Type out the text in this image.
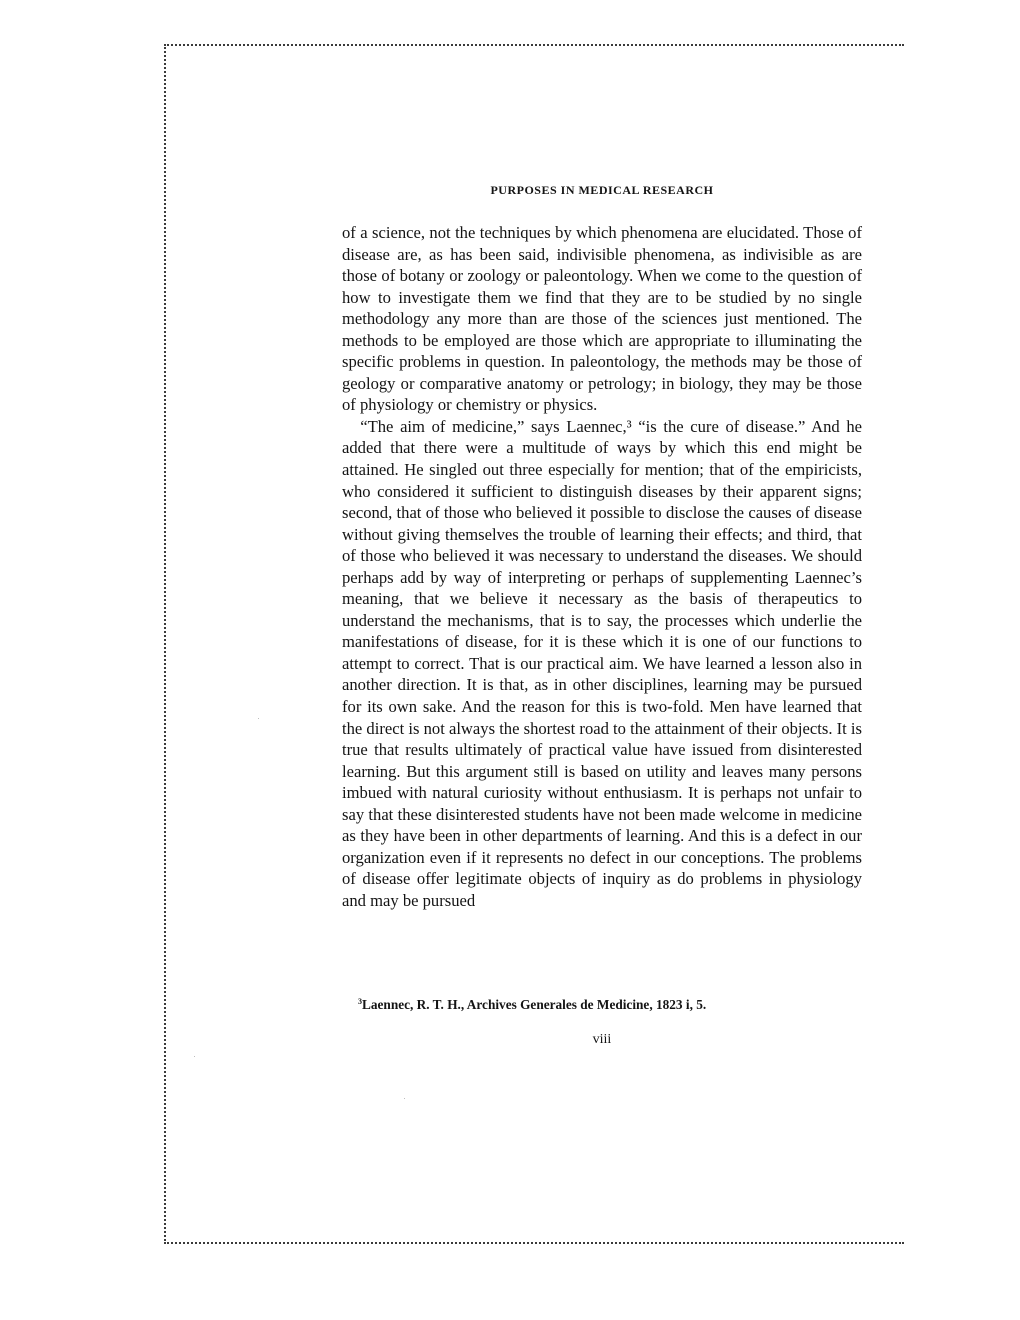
PURPOSES IN MEDICAL RESEARCH

of a science, not the techniques by which phenomena are elucidated. Those of disease are, as has been said, indivisible phenomena, as indivisible as are those of botany or zoology or paleontology. When we come to the question of how to investigate them we find that they are to be studied by no single methodology any more than are those of the sciences just mentioned. The methods to be employed are those which are appropriate to illuminating the specific problems in question. In paleontology, the methods may be those of geology or comparative anatomy or petrology; in biology, they may be those of physiology or chemistry or physics.

“The aim of medicine,” says Laennec,³ “is the cure of disease.” And he added that there were a multitude of ways by which this end might be attained. He singled out three especially for mention; that of the empiricists, who considered it sufficient to distinguish diseases by their apparent signs; second, that of those who believed it possible to disclose the causes of disease without giving themselves the trouble of learning their effects; and third, that of those who believed it was necessary to understand the diseases. We should perhaps add by way of interpreting or perhaps of supplementing Laennec’s meaning, that we believe it necessary as the basis of therapeutics to understand the mechanisms, that is to say, the processes which underlie the manifestations of disease, for it is these which it is one of our functions to attempt to correct. That is our practical aim. We have learned a lesson also in another direction. It is that, as in other disciplines, learning may be pursued for its own sake. And the reason for this is two-fold. Men have learned that the direct is not always the shortest road to the attainment of their objects. It is true that results ultimately of practical value have issued from disinterested learning. But this argument still is based on utility and leaves many persons imbued with natural curiosity without enthusiasm. It is perhaps not unfair to say that these disinterested students have not been made welcome in medicine as they have been in other departments of learning. And this is a defect in our organization even if it represents no defect in our conceptions. The problems of disease offer legitimate objects of inquiry as do problems in physiology and may be pursued

$^3$Laennec, R. T. H., Archives Generales de Medicine, 1823 i, 5.

viii
